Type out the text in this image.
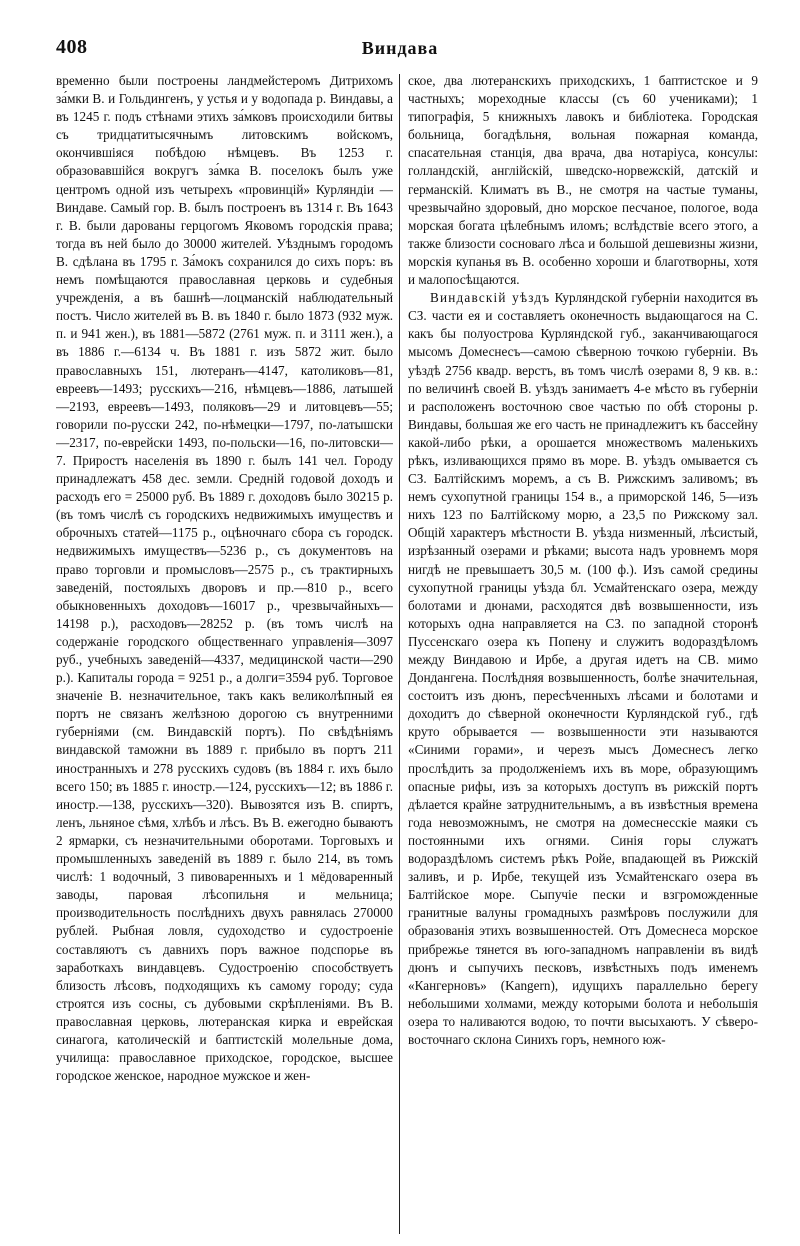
408	Виндава

временно были построены ландмейстеромъ Дитрихомъ за́мки В. и Гольдингенъ, у устья и у водопада р. Виндавы, а въ 1245 г. подъ стѣнами этихъ за́мковъ происходили битвы съ тридцатитысячнымъ литовскимъ войскомъ, окончившіяся побѣдою нѣмцевъ. Въ 1253 г. образовавшійся вокругъ за́мка В. поселокъ былъ уже центромъ одной изъ четырехъ «провинцій» Курляндіи — Виндаве. Самый гор. В. былъ построенъ въ 1314 г. Въ 1643 г. В. были дарованы герцогомъ Яковомъ городскія права; тогда въ ней было до 30000 жителей. Уѣзднымъ городомъ В. сдѣлана въ 1795 г. За́мокъ сохранился до сихъ поръ: въ немъ помѣщаются православная церковь и судебныя учрежденія, а въ башнѣ—лоцманскій наблюдательный постъ. Число жителей въ В. въ 1840 г. было 1873 (932 муж. п. и 941 жен.), въ 1881—5872 (2761 муж. п. и 3111 жен.), а въ 1886 г.—6134 ч. Въ 1881 г. изъ 5872 жит. было православныхъ 151, лютеранъ—4147, католиковъ—81, евреевъ—1493; русскихъ—216, нѣмцевъ—1886, латышей—2193, евреевъ—1493, поляковъ—29 и литовцевъ—55; говорили по-русски 242, по-нѣмецки—1797, по-латышски—2317, по-еврейски 1493, по-польски—16, по-литовски—7. Приростъ населенія въ 1890 г. былъ 141 чел. Городу принадлежатъ 458 дес. земли. Средній годовой доходъ и расходъ его = 25000 руб. Въ 1889 г. доходовъ было 30215 р. (въ томъ числѣ съ городскихъ недвижимыхъ имуществъ и оброчныхъ статей—1175 р., оцѣночнаго сбора съ городск. недвижимыхъ имуществъ—5236 р., съ документовъ на право торговли и промысловъ—2575 р., съ трактирныхъ заведеній, постоялыхъ дворовъ и пр.—810 р., всего обыкновенныхъ доходовъ—16017 р., чрезвычайныхъ—14198 р.), расходовъ—28252 р. (въ томъ числѣ на содержаніе городского общественнаго управленія—3097 руб., учебныхъ заведеній—4337, медицинской части—290 р.). Капиталы города = 9251 р., а долги=3594 руб. Торговое значеніе В. незначительное, такъ какъ великолѣпный ея портъ не связанъ желѣзною дорогою съ внутренними губерніями (см. Виндавскій портъ). По свѣдѣніямъ виндавской таможни въ 1889 г. прибыло въ портъ 211 иностранныхъ и 278 русскихъ судовъ (въ 1884 г. ихъ было всего 150; въ 1885 г. иностр.—124, русскихъ—12; въ 1886 г. иностр.—138, русскихъ—320). Вывозятся изъ В. спиртъ, ленъ, льняное сѣмя, хлѣбъ и лѣсъ. Въ В. ежегодно бываютъ 2 ярмарки, съ незначительными оборотами. Торговыхъ и промышленныхъ заведеній въ 1889 г. было 214, въ томъ числѣ: 1 водочный, 3 пивоваренныхъ и 1 мёдоваренный заводы, паровая лѣсопильня и мельница; производительность послѣднихъ двухъ равнялась 270000 рублей. Рыбная ловля, судоходство и судостроеніе составляютъ съ давнихъ поръ важное подспорье въ заработкахъ виндавцевъ. Судостроенію способствуетъ близость лѣсовъ, подходящихъ къ самому городу; суда строятся изъ сосны, съ дубовыми скрѣпленіями. Въ В. православная церковь, лютеранская кирка и еврейская синагога, католическій и баптистскій молельные дома, училища: православное приходское, городское, высшее городское женское, народное мужское и жен-

ское, два лютеранскихъ приходскихъ, 1 баптистское и 9 частныхъ; мореходные классы (съ 60 учениками); 1 типографія, 5 книжныхъ лавокъ и библіотека. Городская больница, богадѣльня, вольная пожарная команда, спасательная станція, два врача, два нотаріуса, консулы: голландскій, англійскій, шведско-норвежскій, датскій и германскій. Климатъ въ В., не смотря на частые туманы, чрезвычайно здоровый, дно морское песчаное, пологое, вода морская богата цѣлебнымъ иломъ; вслѣдствіе всего этого, а также близости сосноваго лѣса и большой дешевизны жизни, морскія купанья въ В. особенно хороши и благотворны, хотя и малопосѣщаются.

Виндавскій уѣздъ Курляндской губерніи находится въ СЗ. части ея и составляетъ оконечность выдающагося на С. какъ бы полуострова Курляндской губ., заканчивающагося мысомъ Домеснесъ—самою сѣверною точкою губерніи. Въ уѣздѣ 2756 квадр. верстъ, въ томъ числѣ озерами 8, 9 кв. в.: по величинѣ своей В. уѣздъ занимаетъ 4-е мѣсто въ губерніи и расположенъ восточною свое частью по обѣ стороны р. Виндавы, большая же его часть не принадлежитъ къ бассейну какой-либо рѣки, а орошается множествомъ маленькихъ рѣкъ, изливающихся прямо въ море. В. уѣздъ омывается съ СЗ. Балтійскимъ моремъ, а съ В. Рижскимъ заливомъ; въ немъ сухопутной границы 154 в., а приморской 146, 5—изъ нихъ 123 по Балтійскому морю, а 23,5 по Рижскому зал. Общій характеръ мѣстности В. уѣзда низменный, лѣсистый, изрѣзанный озерами и рѣками; высота надъ уровнемъ моря нигдѣ не превышаетъ 30,5 м. (100 ф.). Изъ самой средины сухопутной границы уѣзда бл. Усмайтенскаго озера, между болотами и дюнами, расходятся двѣ возвышенности, изъ которыхъ одна направляется на СЗ. по западной сторонѣ Пуссенскаго озера къ Попену и служитъ водораздѣломъ между Виндавою и Ирбе, а другая идетъ на СВ. мимо Дондангена. Послѣдняя возвышенность, болѣе значительная, состоитъ изъ дюнъ, пересѣченныхъ лѣсами и болотами и доходитъ до сѣверной оконечности Курляндской губ., гдѣ круто обрывается — возвышенности эти называются «Синими горами», и черезъ мысъ Домеснесъ легко прослѣдить за продолженіемъ ихъ въ море, образующимъ опасные рифы, изъ за которыхъ доступъ въ рижскій портъ дѣлается крайне затруднительнымъ, а въ извѣстныя времена года невозможнымъ, не смотря на домеснесскіе маяки съ постоянными ихъ огнями. Синія горы служатъ водораздѣломъ системъ рѣкъ Ройе, впадающей въ Рижскій заливъ, и р. Ирбе, текущей изъ Усмайтенскаго озера въ Балтійское море. Сыпучіе пески и взгроможденные гранитные валуны громадныхъ размѣровъ послужили для образованія этихъ возвышенностей. Отъ Домеснеса морское прибрежье тянется въ юго-западномъ направленіи въ видѣ дюнъ и сыпучихъ песковъ, извѣстныхъ подъ именемъ «Кангерновъ» (Kangern), идущихъ параллельно берегу небольшими холмами, между которыми болота и небольшія озера то наливаются водою, то почти высыхаютъ. У сѣверо-восточнаго склона Синихъ горъ, немного юж-
